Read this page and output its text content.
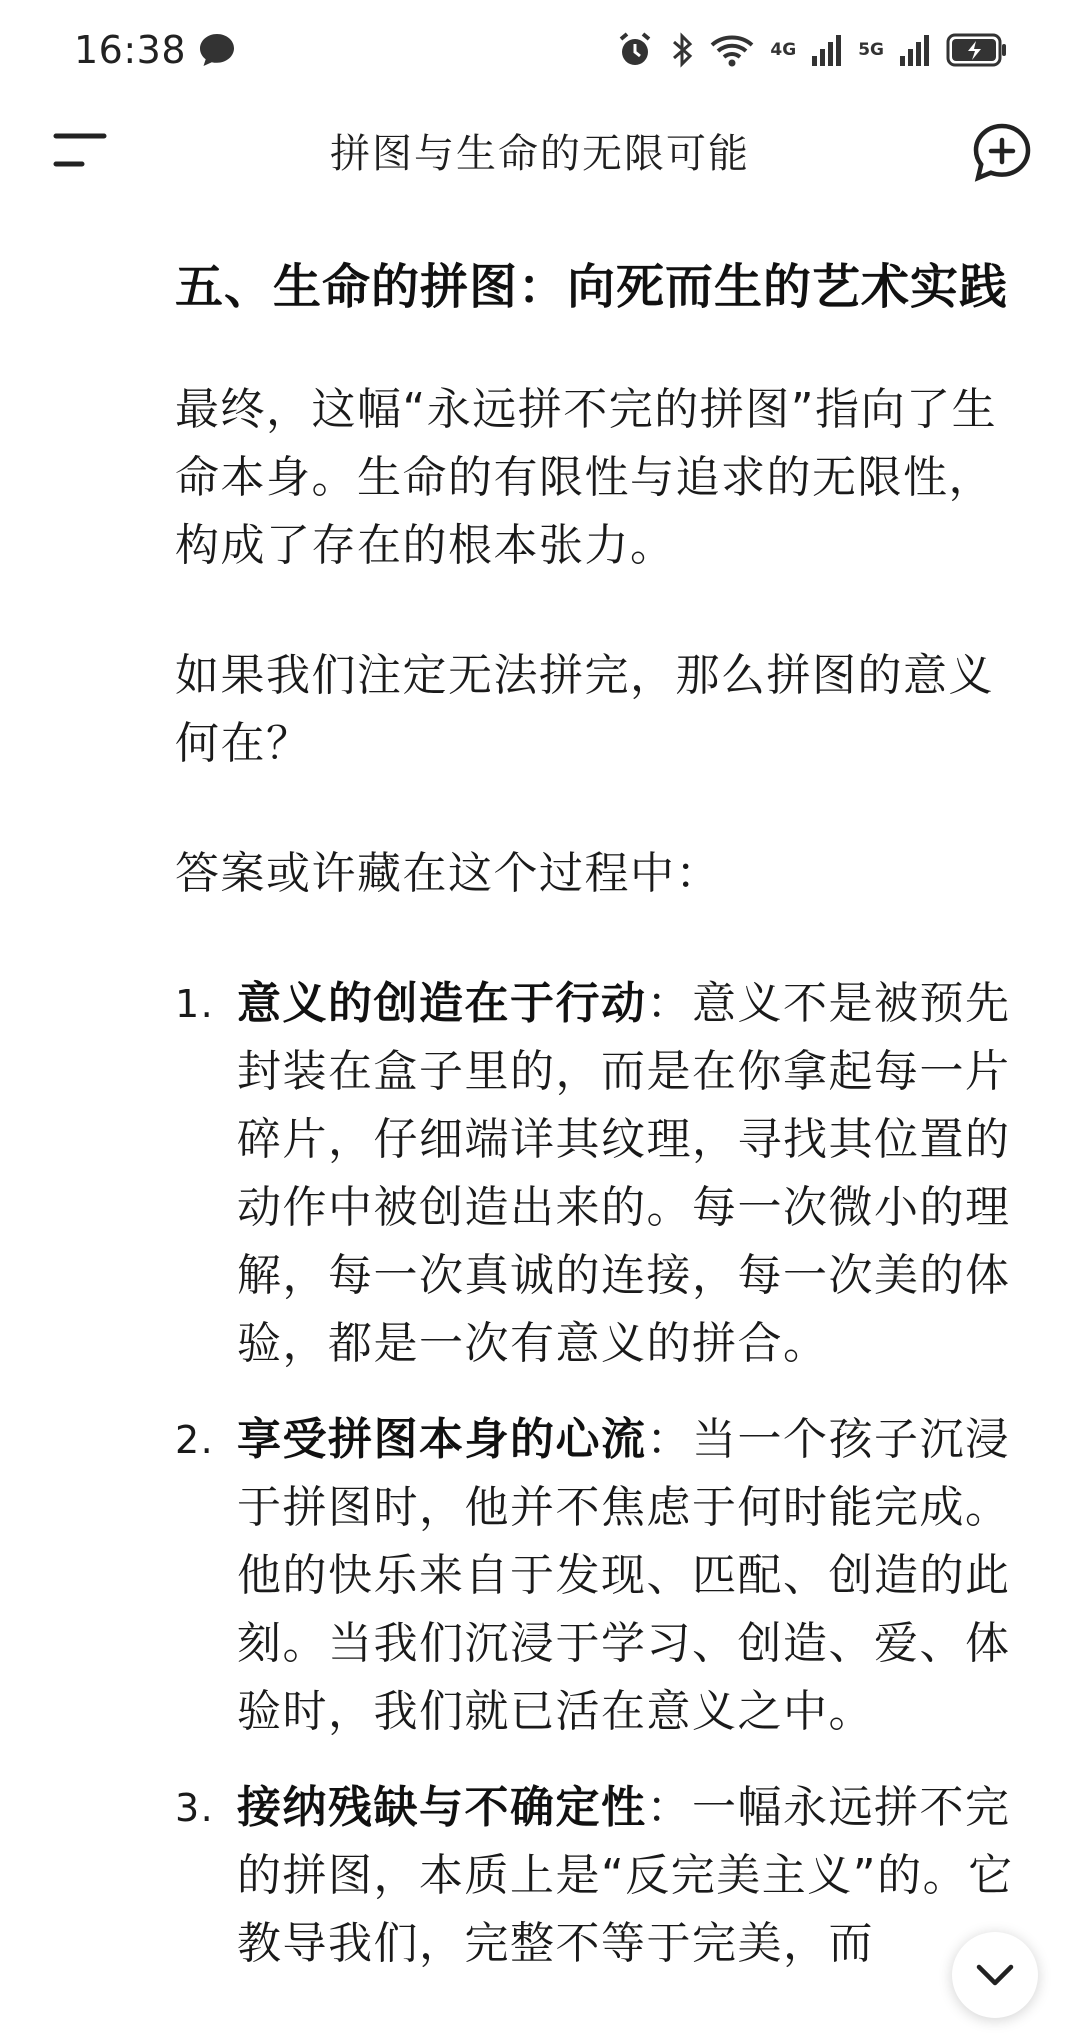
16:38	4G	5G
拼图与生命的无限可能
五、生命的拼图：向死而生的艺术实践

最终，这幅“永远拼不完的拼图”指向了生命本身。生命的有限性与追求的无限性，构成了存在的根本张力。

如果我们注定无法拼完，那么拼图的意义何在？

答案或许藏在这个过程中：

1. 意义的创造在于行动：意义不是被预先封装在盒子里的，而是在你拿起每一片碎片，仔细端详其纹理，寻找其位置的动作中被创造出来的。每一次微小的理解，每一次真诚的连接，每一次美的体验，都是一次有意义的拼合。
2. 享受拼图本身的心流：当一个孩子沉浸于拼图时，他并不焦虑于何时能完成。他的快乐来自于发现、匹配、创造的此刻。当我们沉浸于学习、创造、爱、体验时，我们就已活在意义之中。
3. 接纳残缺与不确定性：一幅永远拼不完的拼图，本质上是“反完美主义”的。它教导我们，完整不等于完美，而
